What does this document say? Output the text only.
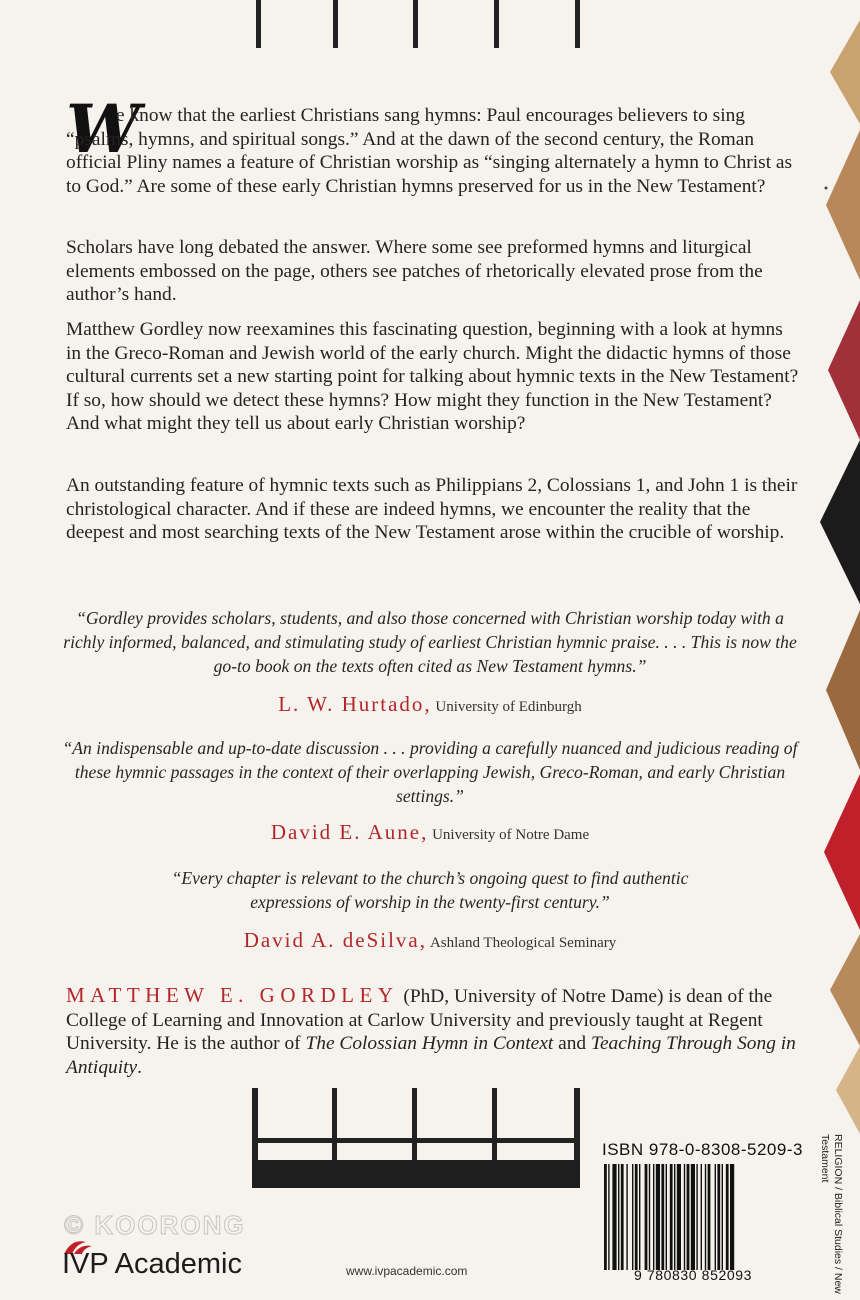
W

e know that the earliest Christians sang hymns: Paul encourages believers to sing “psalms, hymns, and spiritual songs.” And at the dawn of the second century, the Roman official Pliny names a feature of Christian worship as “singing alternately a hymn to Christ as to God.” Are some of these early Christian hymns preserved for us in the New Testament?

Scholars have long debated the answer. Where some see preformed hymns and liturgical elements embossed on the page, others see patches of rhetorically elevated prose from the author’s hand.

Matthew Gordley now reexamines this fascinating question, beginning with a look at hymns in the Greco-Roman and Jewish world of the early church. Might the didactic hymns of those cultural currents set a new starting point for talking about hymnic texts in the New Testament? If so, how should we detect these hymns? How might they function in the New Testament? And what might they tell us about early Christian worship?

An outstanding feature of hymnic texts such as Philippians 2, Colossians 1, and John 1 is their christological character. And if these are indeed hymns, we encounter the reality that the deepest and most searching texts of the New Testament arose within the crucible of worship.

“Gordley provides scholars, students, and also those concerned with Christian worship today with a richly informed, balanced, and stimulating study of earliest Christian hymnic praise. . . . This is now the go-to book on the texts often cited as New Testament hymns.”

L. W. Hurtado, University of Edinburgh

“An indispensable and up-to-date discussion . . . providing a carefully nuanced and judicious reading of these hymnic passages in the context of their overlapping Jewish, Greco-Roman, and early Christian settings.”

David E. Aune, University of Notre Dame

“Every chapter is relevant to the church’s ongoing quest to find authentic expressions of worship in the twenty-first century.”

David A. deSilva, Ashland Theological Seminary

MATTHEW E. GORDLEY (PhD, University of Notre Dame) is dean of the College of Learning and Innovation at Carlow University and previously taught at Regent University. He is the author of The Colossian Hymn in Context and Teaching Through Song in Antiquity.

ISBN 978-0-8308-5209-3
9 780830 852093	RELIGION / Biblical Studies / New Testament
© KOORONG
IVP Academic	www.ivpacademic.com
